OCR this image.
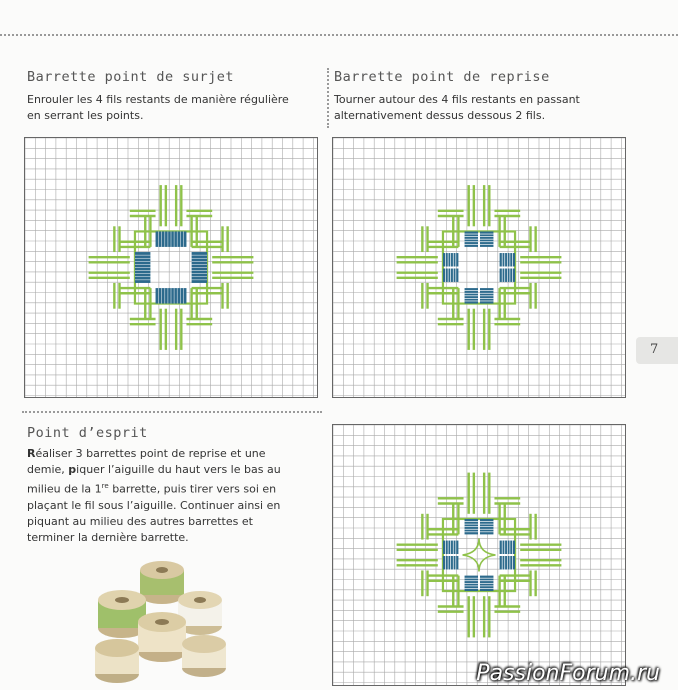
Barrette point de surjet
Enrouler les 4 fils restants de manière régulière en serrant les points.
Barrette point de reprise
Tourner autour des 4 fils restants en passant alternativement dessus dessous 2 fils.
Point d’esprit
Réaliser 3 barrettes point de reprise et une demie, piquer l’aiguille du haut vers le bas au milieu de la 1re barrette, puis tirer vers soi en plaçant le fil sous l’aiguille. Continuer ainsi en piquant au milieu des autres barrettes et terminer la dernière barrette.
7
PassionForum.ru
